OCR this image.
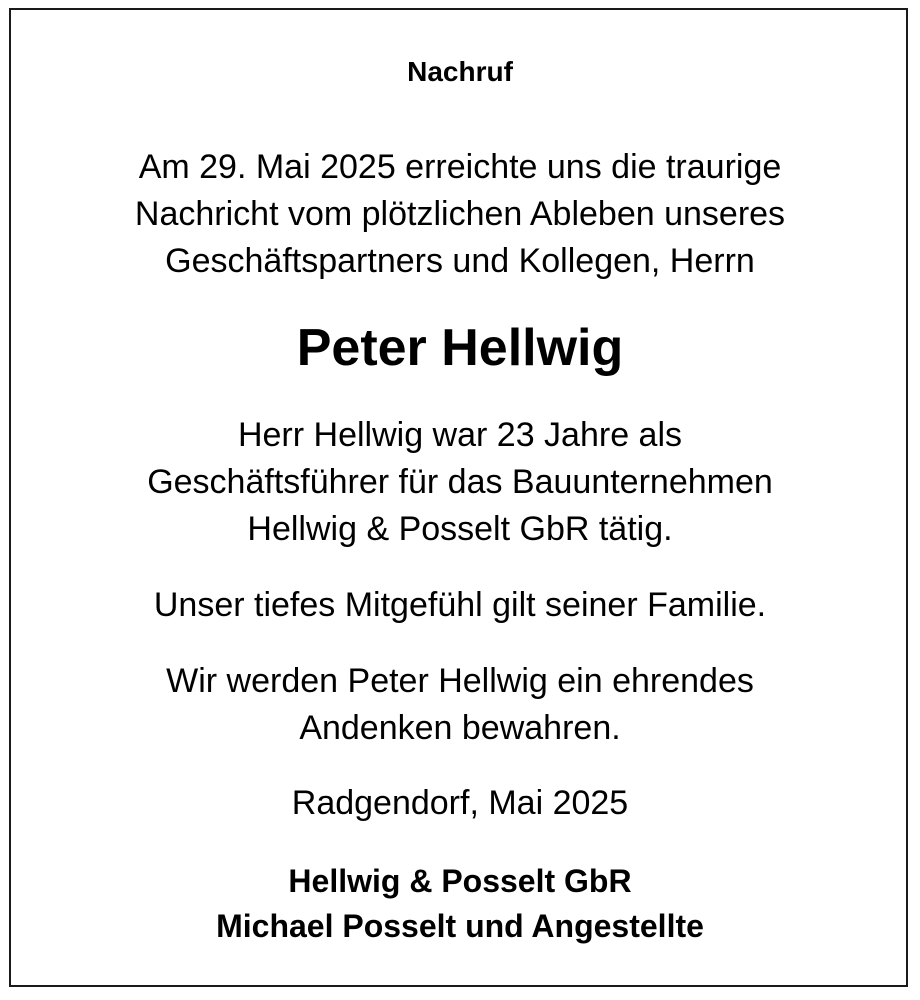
Nachruf
Am 29. Mai 2025 erreichte uns die traurige
Nachricht vom plötzlichen Ableben unseres
Geschäftspartners und Kollegen, Herrn
Peter Hellwig
Herr Hellwig war 23 Jahre als
Geschäftsführer für das Bauunternehmen
Hellwig & Posselt GbR tätig.
Unser tiefes Mitgefühl gilt seiner Familie.
Wir werden Peter Hellwig ein ehrendes
Andenken bewahren.
Radgendorf, Mai 2025
Hellwig & Posselt GbR
Michael Posselt und Angestellte
